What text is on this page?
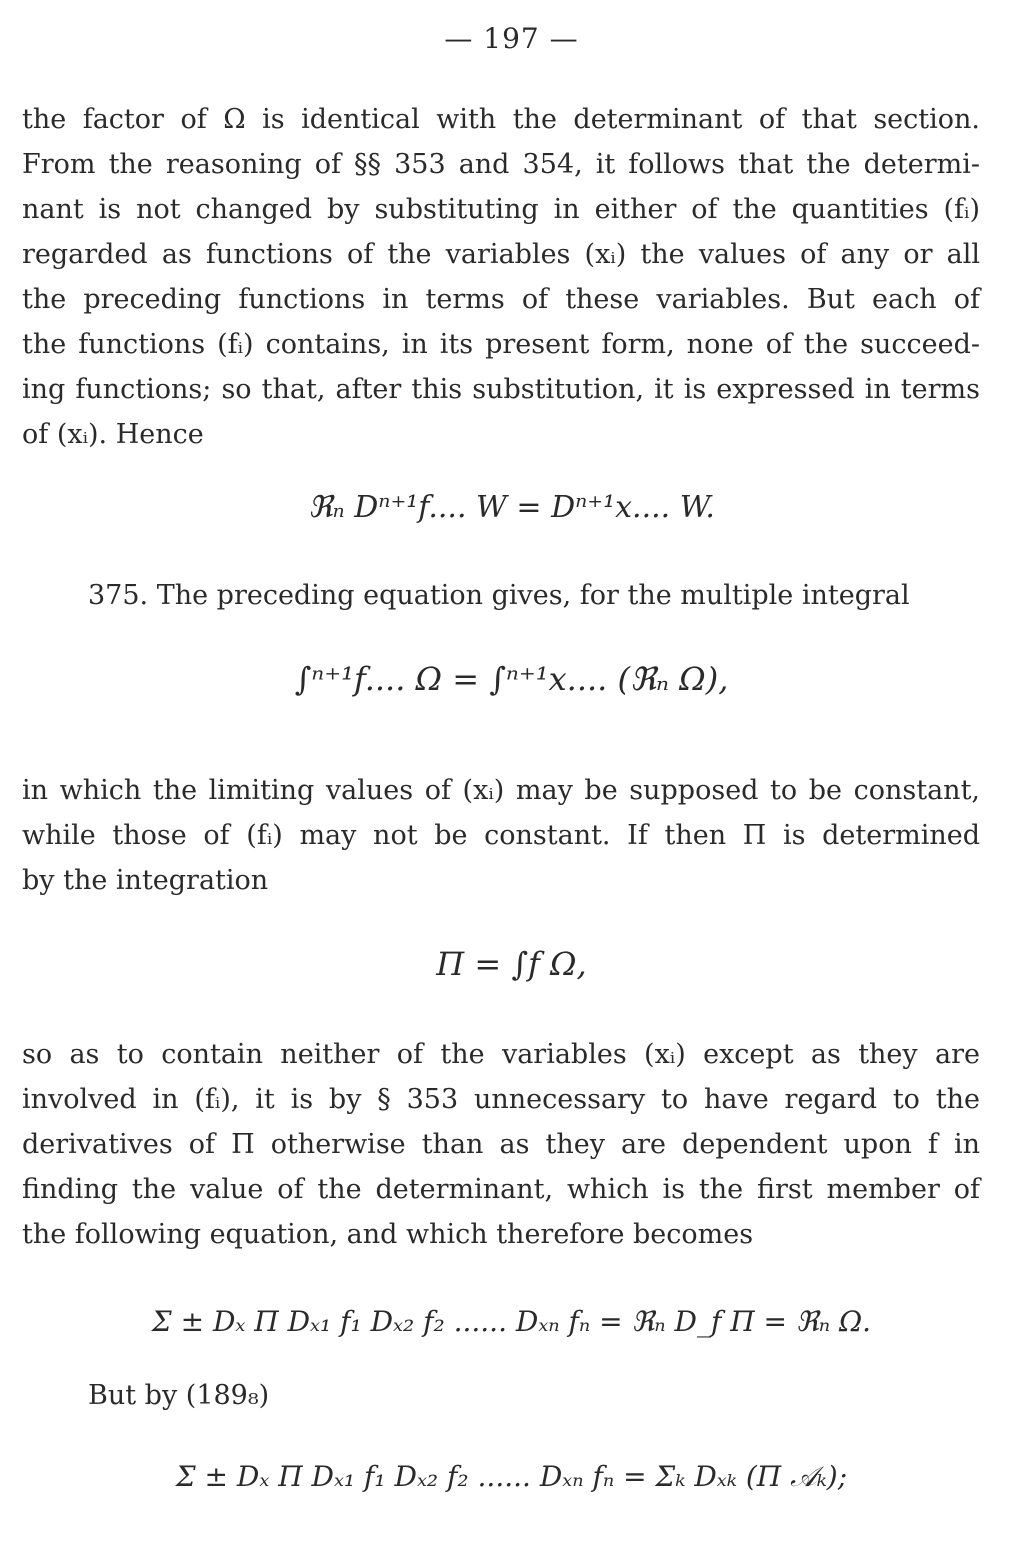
— 197 —

the factor of Ω is identical with the determinant of that section.
From the reasoning of §§ 353 and 354, it follows that the determi-
nant is not changed by substituting in either of the quantities (fᵢ)
regarded as functions of the variables (xᵢ) the values of any or all
the preceding functions in terms of these variables. But each of
the functions (fᵢ) contains, in its present form, none of the succeed-
ing functions; so that, after this substitution, it is expressed in terms
of (xᵢ). Hence

ℜₙ Dⁿ⁺¹f.... W = Dⁿ⁺¹x.... W.
375. The preceding equation gives, for the multiple integral
∫ⁿ⁺¹f.... Ω = ∫ⁿ⁺¹x.... (ℜₙ Ω),

in which the limiting values of (xᵢ) may be supposed to be constant,
while those of (fᵢ) may not be constant. If then Π is determined
by the integration

Π = ∫f Ω,

so as to contain neither of the variables (xᵢ) except as they are
involved in (fᵢ), it is by § 353 unnecessary to have regard to the
derivatives of Π otherwise than as they are dependent upon f in
finding the value of the determinant, which is the first member of
the following equation, and which therefore becomes

Σ ± Dₓ Π Dₓ₁ f₁ Dₓ₂ f₂ ...... Dₓₙ fₙ = ℜₙ D_f Π = ℜₙ Ω.
But by (189₈)
Σ ± Dₓ Π Dₓ₁ f₁ Dₓ₂ f₂ ...... Dₓₙ fₙ = Σₖ Dₓₖ (Π 𝒜ₖ);
